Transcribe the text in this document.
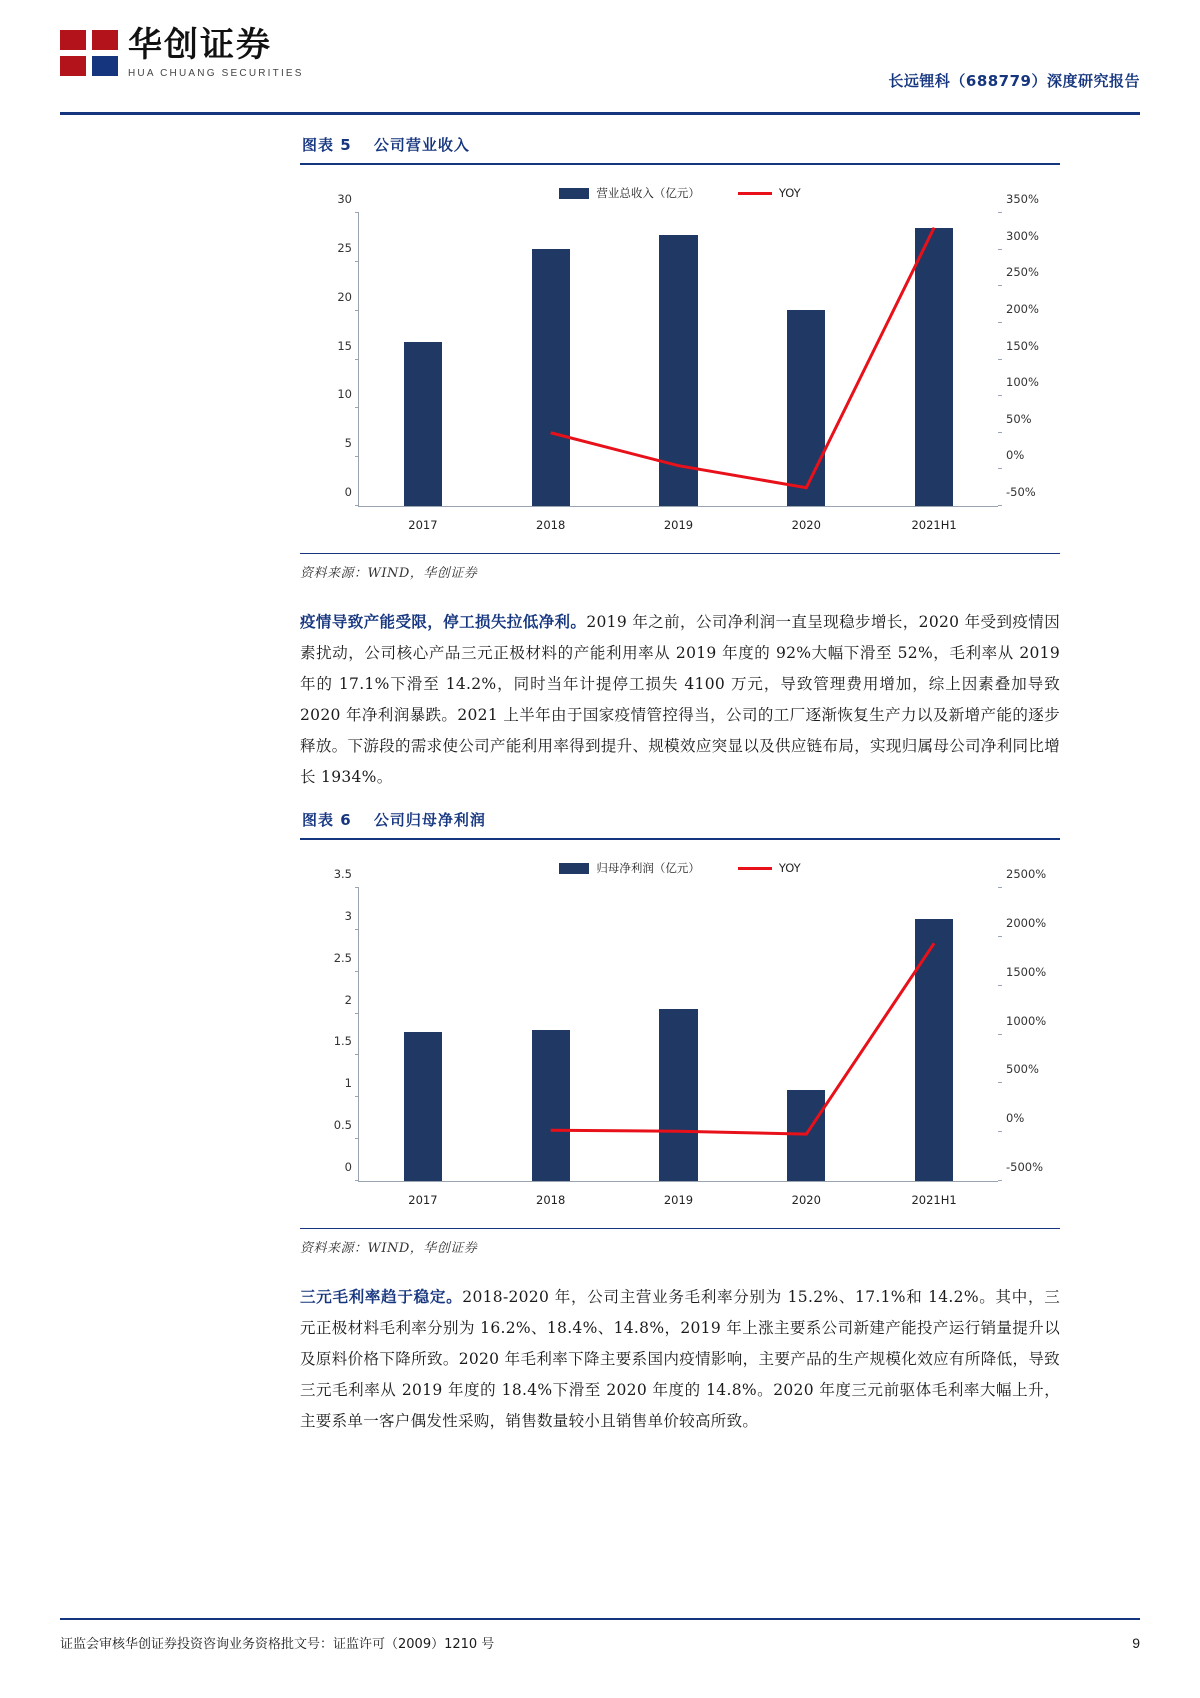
华创证券
HUA CHUANG SECURITIES	长远锂科（688779）深度研究报告
图表 5 公司营业收入
营业总收入（亿元）	YOY
0
5
10
15
20
25
30
-50%
0%
50%
100%
150%
200%
250%
300%
350%
2017	2018	2019	2020	2021H1
资料来源：WIND，华创证券

疫情导致产能受限，停工损失拉低净利。2019 年之前，公司净利润一直呈现稳步增长，2020 年受到疫情因素扰动，公司核心产品三元正极材料的产能利用率从 2019 年度的 92%大幅下滑至 52%，毛利率从 2019 年的 17.1%下滑至 14.2%，同时当年计提停工损失 4100 万元，导致管理费用增加，综上因素叠加导致 2020 年净利润暴跌。2021 上半年由于国家疫情管控得当，公司的工厂逐渐恢复生产力以及新增产能的逐步释放。下游段的需求使公司产能利用率得到提升、规模效应突显以及供应链布局，实现归属母公司净利同比增长 1934%。

图表 6 公司归母净利润
归母净利润（亿元）	YOY
0
0.5
1
1.5
2
2.5
3
3.5
-500%
0%
500%
1000%
1500%
2000%
2500%
2017	2018	2019	2020	2021H1
资料来源：WIND，华创证券

三元毛利率趋于稳定。2018-2020 年，公司主营业务毛利率分别为 15.2%、17.1%和 14.2%。其中，三元正极材料毛利率分别为 16.2%、18.4%、14.8%，2019 年上涨主要系公司新建产能投产运行销量提升以及原料价格下降所致。2020 年毛利率下降主要系国内疫情影响，主要产品的生产规模化效应有所降低，导致三元毛利率从 2019 年度的 18.4%下滑至 2020 年度的 14.8%。2020 年度三元前驱体毛利率大幅上升，主要系单一客户偶发性采购，销售数量较小且销售单价较高所致。

证监会审核华创证券投资咨询业务资格批文号：证监许可（2009）1210 号	9
